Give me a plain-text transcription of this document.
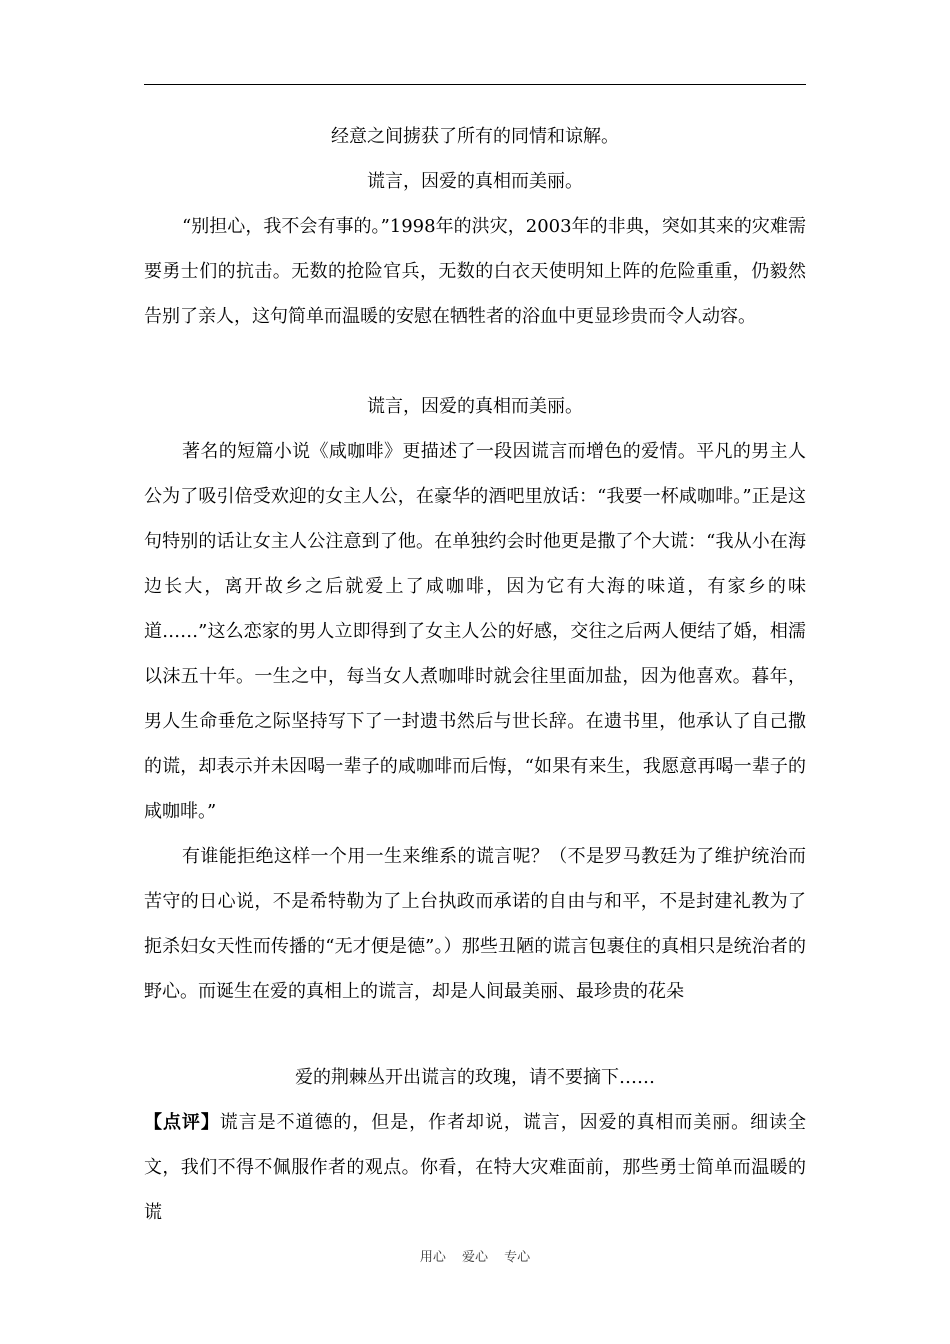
经意之间掳获了所有的同情和谅解。

谎言，因爱的真相而美丽。

“别担心，我不会有事的。”1998年的洪灾，2003年的非典，突如其来的灾难需要勇士们的抗击。无数的抢险官兵，无数的白衣天使明知上阵的危险重重，仍毅然告别了亲人，这句简单而温暖的安慰在牺牲者的浴血中更显珍贵而令人动容。

谎言，因爱的真相而美丽。

著名的短篇小说《咸咖啡》更描述了一段因谎言而增色的爱情。平凡的男主人公为了吸引倍受欢迎的女主人公，在豪华的酒吧里放话：“我要一杯咸咖啡。”正是这句特别的话让女主人公注意到了他。在单独约会时他更是撒了个大谎：“我从小在海边长大，离开故乡之后就爱上了咸咖啡，因为它有大海的味道，有家乡的味道……”这么恋家的男人立即得到了女主人公的好感，交往之后两人便结了婚，相濡以沫五十年。一生之中，每当女人煮咖啡时就会往里面加盐，因为他喜欢。暮年，男人生命垂危之际坚持写下了一封遗书然后与世长辞。在遗书里，他承认了自己撒的谎，却表示并未因喝一辈子的咸咖啡而后悔，“如果有来生，我愿意再喝一辈子的咸咖啡。”

有谁能拒绝这样一个用一生来维系的谎言呢？（不是罗马教廷为了维护统治而苦守的日心说，不是希特勒为了上台执政而承诺的自由与和平，不是封建礼教为了扼杀妇女天性而传播的“无才便是德”。）那些丑陋的谎言包裹住的真相只是统治者的野心。而诞生在爱的真相上的谎言，却是人间最美丽、最珍贵的花朵

爱的荆棘丛开出谎言的玫瑰，请不要摘下……

【点评】谎言是不道德的，但是，作者却说，谎言，因爱的真相而美丽。细读全文，我们不得不佩服作者的观点。你看，在特大灾难面前，那些勇士简单而温暖的谎

用心 爱心 专心
